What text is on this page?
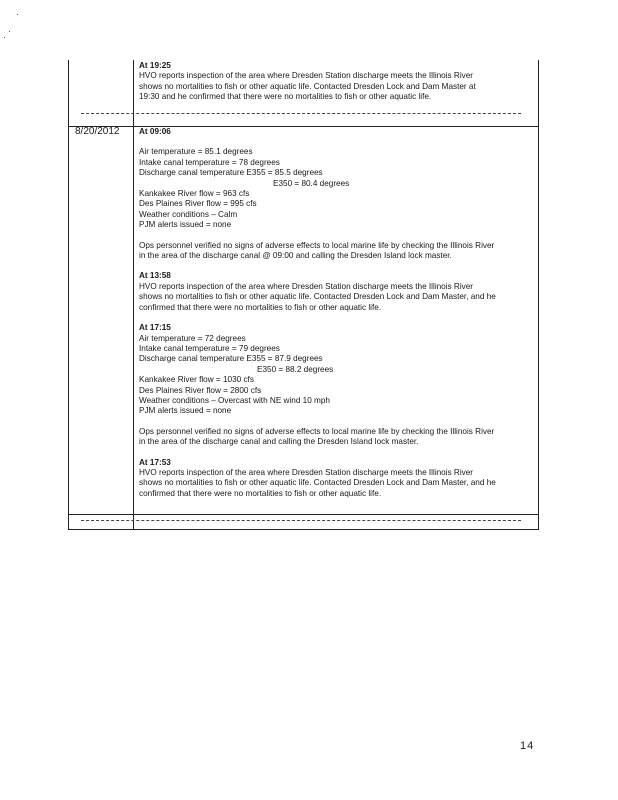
At 19:25
HVO reports inspection of the area where Dresden Station discharge meets the Illinois River
shows no mortalities to fish or other aquatic life. Contacted Dresden Lock and Dam Master at
19:30 and he confirmed that there were no mortalities to fish or other aquatic life.
8/20/2012 At 09:06
Air temperature = 85.1 degrees
Intake canal temperature = 78 degrees
Discharge canal temperature E355 = 85.5 degrees
E350 = 80.4 degrees
Kankakee River flow = 963 cfs
Des Plaines River flow = 995 cfs
Weather conditions – Calm
PJM alerts issued = none
Ops personnel verified no signs of adverse effects to local marine life by checking the Illinois River
in the area of the discharge canal @ 09:00 and calling the Dresden Island lock master.
At 13:58
HVO reports inspection of the area where Dresden Station discharge meets the Illinois River
shows no mortalities to fish or other aquatic life. Contacted Dresden Lock and Dam Master, and he
confirmed that there were no mortalities to fish or other aquatic life.
At 17:15
Air temperature = 72 degrees
Intake canal temperature = 79 degrees
Discharge canal temperature E355 = 87.9 degrees
E350 = 88.2 degrees
Kankakee River flow = 1030 cfs
Des Plaines River flow = 2800 cfs
Weather conditions – Overcast with NE wind 10 mph
PJM alerts issued = none
Ops personnel verified no signs of adverse effects to local marine life by checking the Illinois River
in the area of the discharge canal and calling the Dresden Island lock master.
At 17:53
HVO reports inspection of the area where Dresden Station discharge meets the Illinois River
shows no mortalities to fish or other aquatic life. Contacted Dresden Lock and Dam Master, and he
confirmed that there were no mortalities to fish or other aquatic life.
14
